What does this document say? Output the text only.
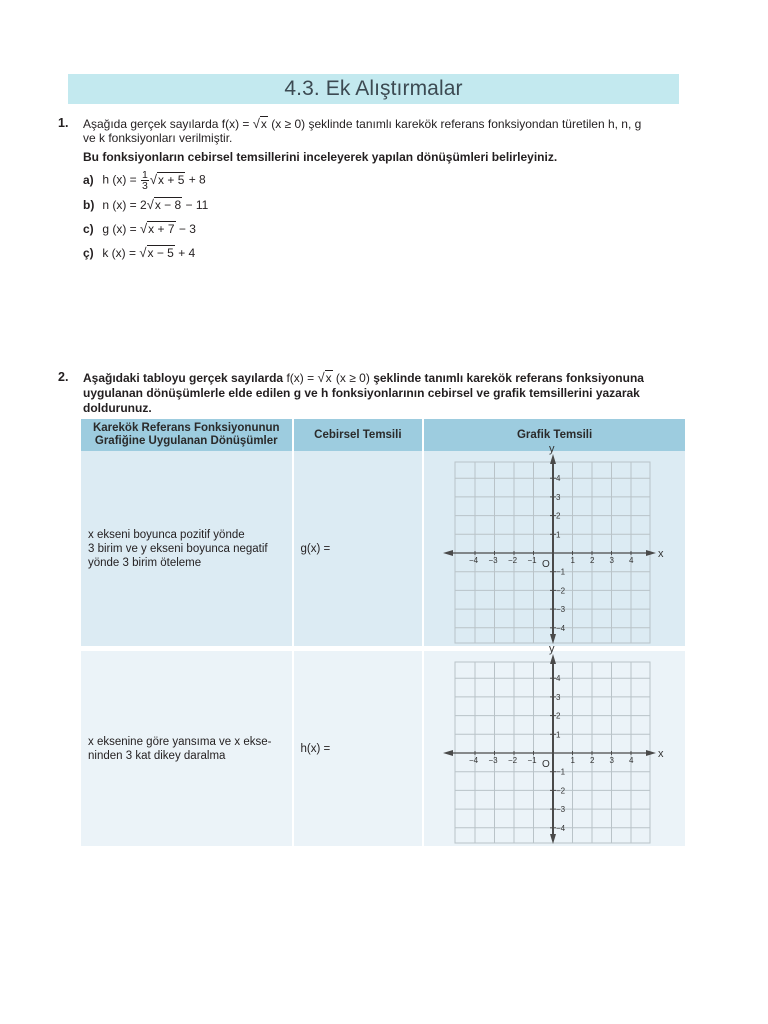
4.3. Ek Alıştırmalar
1. Aşağıda gerçek sayılarda f(x) = √x (x ≥ 0) şeklinde tanımlı karekök referans fonksiyondan türetilen h, n, g
ve k fonksiyonları verilmiştir.
Bu fonksiyonların cebirsel temsillerini inceleyerek yapılan dönüşümleri belirleyiniz.
a) h $(x) = \frac{1}{3} √x + 5 + 8$
b) n (x) = 2√x − 8 − 11
c) g (x) = √x + 7 − 3
ç) k (x) = √x − 5 + 4
2. Aşağıdaki tabloyu gerçek sayılarda f(x) = √x (x ≥ 0) şeklinde tanımlı karekök referans fonksiyonuna
uygulanan dönüşümlerle elde edilen g ve h fonksiyonlarının cebirsel ve grafik temsillerini yazarak
doldurunuz.
Karekök Referans Fonksiyonunun Grafiğine Uygulanan Dönüşümler	Cebirsel Temsili	Grafik Temsili

x ekseni boyunca pozitif yönde
3 birim ve y ekseni boyunca negatif
yönde 3 birim öteleme
	g(x) =	
y
x
O
−4 −3 −2 −1	1 2 3 4
4
3
2
1
−1
−2
−3
−4

x eksenine göre yansıma ve x ekse-
ninden 3 kat dikey daralma
	h(x) =	
y
x
O
−4 −3 −2 −1	1 2 3 4
4
3
2
1
−1
−2
−3
−4
